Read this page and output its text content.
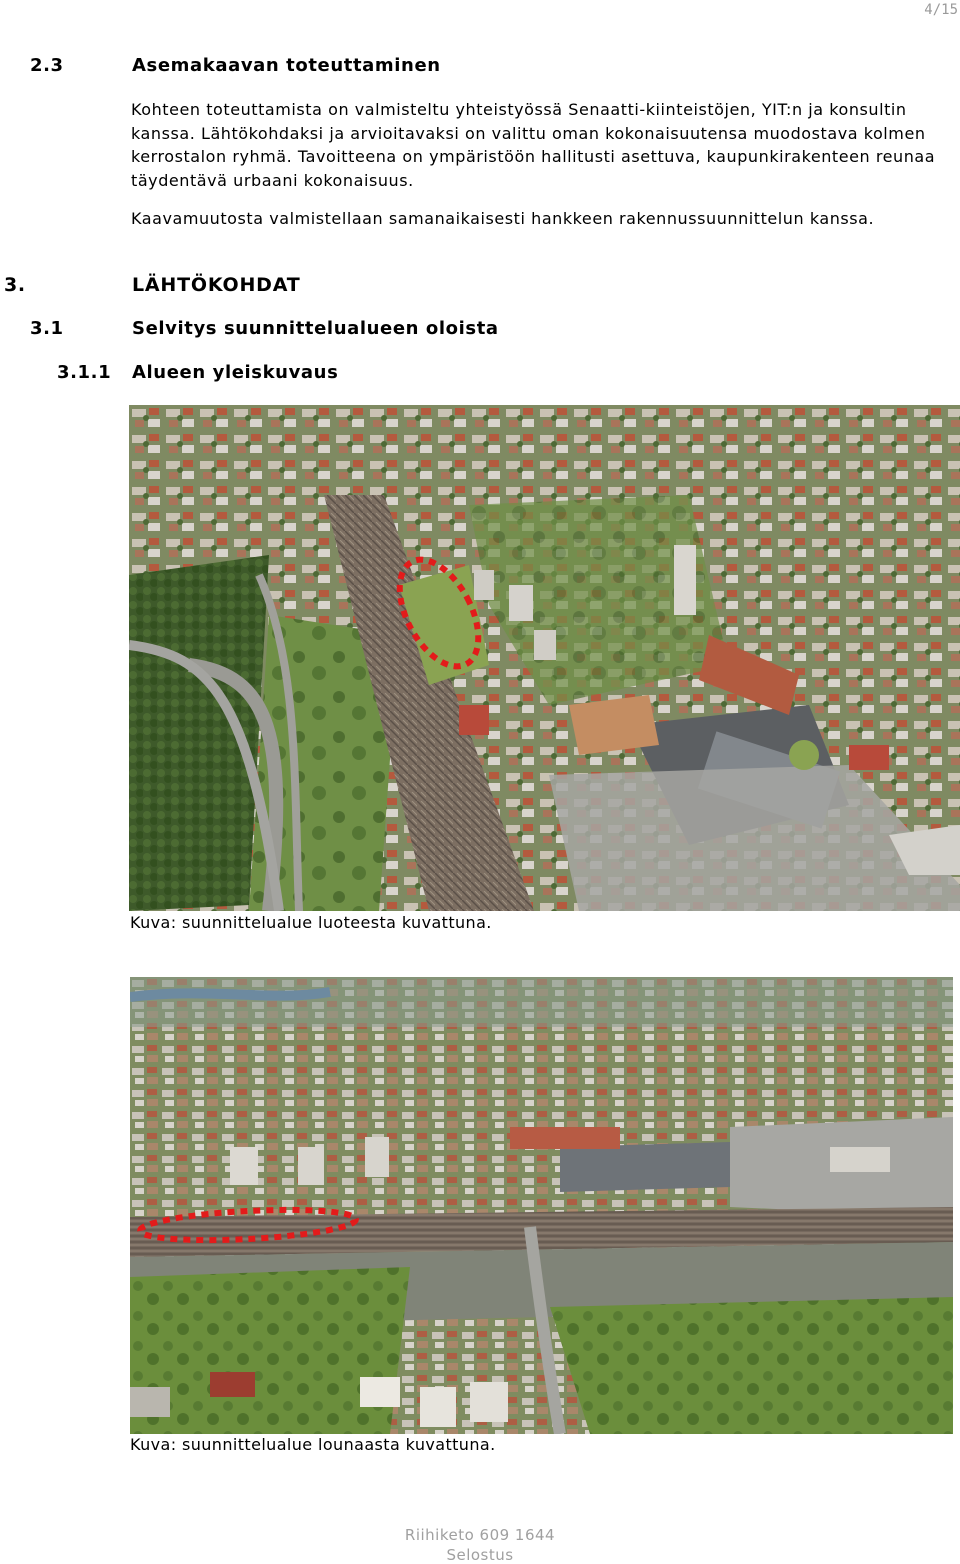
4/15
2.3	Asemakaavan toteuttaminen

Kohteen toteuttamista on valmisteltu yhteistyössä Senaatti-kiinteistöjen, YIT:n ja konsultin kanssa. Lähtökohdaksi ja arvioitavaksi on valittu oman kokonaisuutensa muodostava kolmen kerrostalon ryhmä. Tavoitteena on ympäristöön hallitusti asettuva, kaupunkirakenteen reunaa täydentävä urbaani kokonaisuus.

Kaavamuutosta valmistellaan samanaikaisesti hankkeen rakennussuunnittelun kanssa.

3.	LÄHTÖKOHDAT
3.1	Selvitys suunnittelualueen oloista
3.1.1 Alueen yleiskuvaus
Kuva: suunnittelualue luoteesta kuvattuna.
Kuva: suunnittelualue lounaasta kuvattuna.
Riihiketo 609 1644
Selostus
